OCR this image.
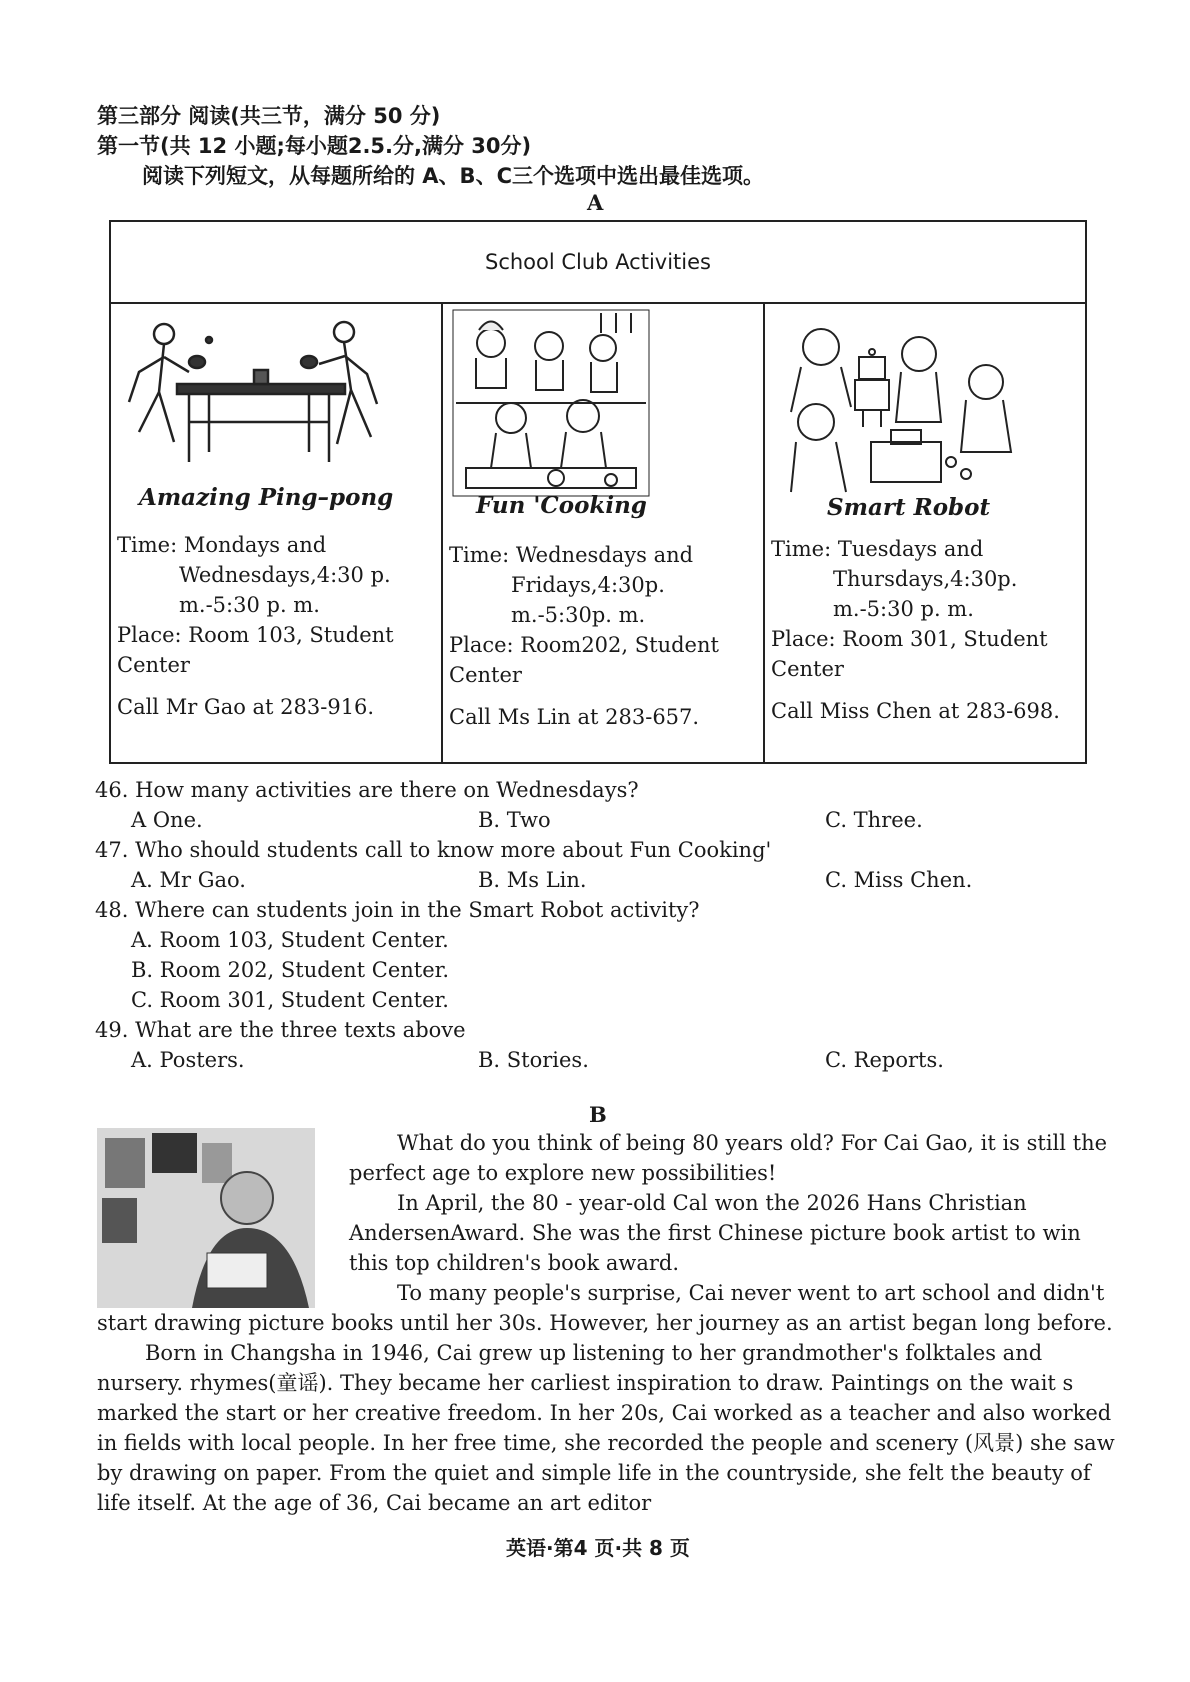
第三部分 阅读(共三节，满分 50 分)
第一节(共 12 小题;每小题2.5.分,满分 30分)
阅读下列短文，从每题所给的 A、B、C三个选项中选出最佳选项。
A
School Club Activities
Amazing Ping–pong
Time: Mondays and
Wednesdays,4:30 p.
m.-5:30 p. m.
Place: Room 103, Student
Center
Call Mr Gao at 283-916.
Fun 'Cooking
Time: Wednesdays and
Fridays,4:30p.
m.-5:30p. m.
Place: Room202, Student
Center
Call Ms Lin at 283-657.
Smart Robot
Time: Tuesdays and
Thursdays,4:30p.
m.-5:30 p. m.
Place: Room 301, Student
Center
Call Miss Chen at 283-698.
46. How many activities are there on Wednesdays?
A One.	B. Two	C. Three.
47. Who should students call to know more about Fun Cooking'
A. Mr Gao.	B. Ms Lin.	C. Miss Chen.
48. Where can students join in the Smart Robot activity?
A. Room 103, Student Center.
B. Room 202, Student Center.
C. Room 301, Student Center.
49. What are the three texts above
A. Posters.	B. Stories.	C. Reports.
B
What do you think of being 80 years old? For Cai Gao, it is still the
perfect age to explore new possibilities!
In April, the 80 - year-old Cal won the 2026 Hans Christian
AndersenAward. She was the first Chinese picture book artist to win
this top children's book award.
To many people's surprise, Cai never went to art school and didn't
start drawing picture books until her 30s. However, her journey as an artist began long before.
Born in Changsha in 1946, Cai grew up listening to her grandmother's folktales and
nursery. rhymes(童谣). They became her carliest inspiration to draw. Paintings on the wait s
marked the start or her creative freedom. In her 20s, Cai worked as a teacher and also worked
in fields with local people. In her free time, she recorded the people and scenery (风景) she saw
by drawing on paper. From the quiet and simple life in the countryside, she felt the beauty of
life itself. At the age of 36, Cai became an art editor
英语·第4 页·共 8 页
